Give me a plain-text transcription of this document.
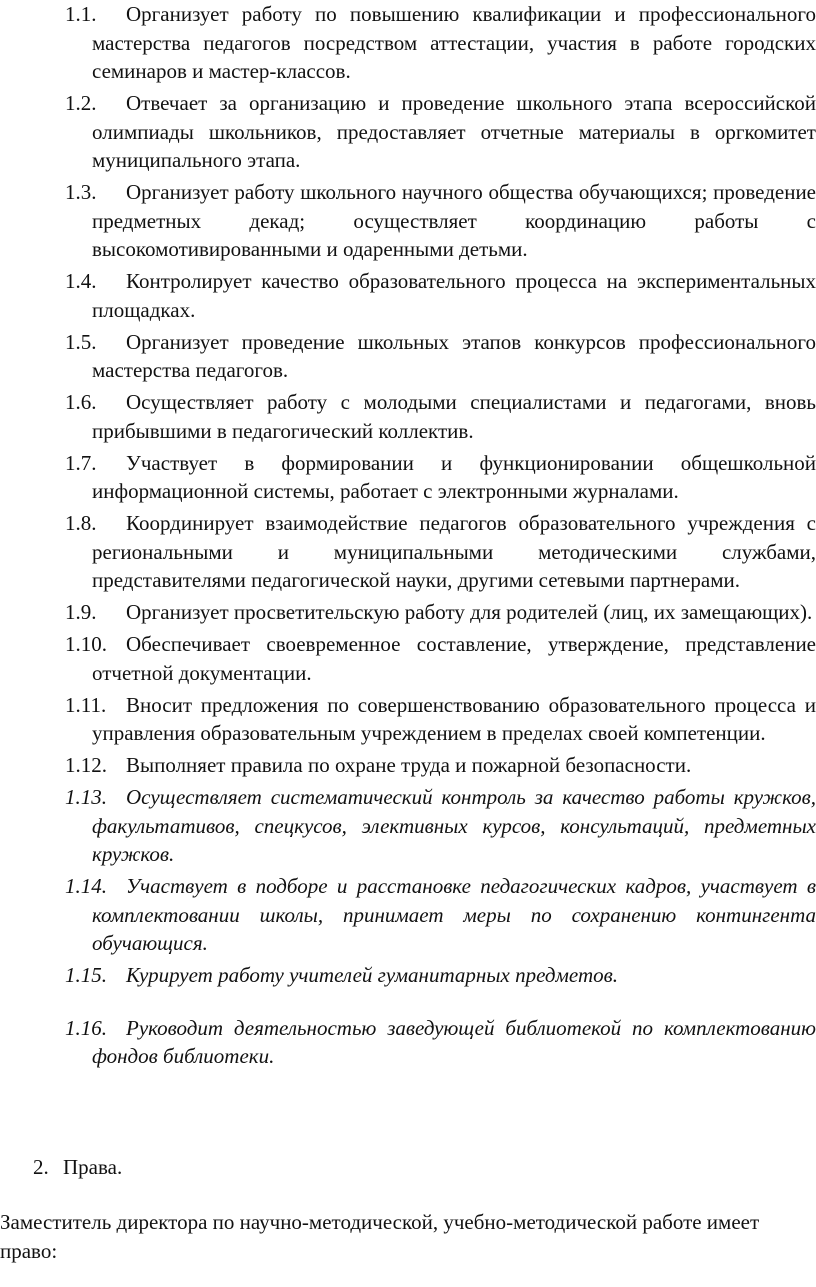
1.1.	Организует работу по повышению квалификации и профессионального мастерства педагогов посредством аттестации, участия в работе городских семинаров и мастер-классов.
1.2.	Отвечает за организацию и проведение школьного этапа всероссийской олимпиады школьников, предоставляет отчетные материалы в оргкомитет муниципального этапа.
1.3.	Организует работу школьного научного общества обучающихся; проведение предметных декад; осуществляет координацию работы с высокомотивированными и одаренными детьми.
1.4.	Контролирует качество образовательного процесса на экспериментальных площадках.
1.5.	Организует проведение школьных этапов конкурсов профессионального мастерства педагогов.
1.6.	Осуществляет работу с молодыми специалистами и педагогами, вновь прибывшими в педагогический коллектив.
1.7.	Участвует в формировании и функционировании общешкольной информационной системы, работает с электронными журналами.
1.8.	Координирует взаимодействие педагогов образовательного учреждения с региональными и муниципальными методическими службами, представителями педагогической науки, другими сетевыми партнерами.
1.9.	Организует просветительскую работу для родителей (лиц, их замещающих).
1.10. Обеспечивает своевременное составление, утверждение, представление отчетной документации.
1.11. Вносит предложения по совершенствованию образовательного процесса и управления образовательным учреждением в пределах своей компетенции.
1.12. Выполняет правила по охране труда и пожарной безопасности.
1.13. Осуществляет систематический контроль за качество работы кружков, факультативов, спецкусов, элективных курсов, консультаций, предметных кружков.
1.14. Участвует в подборе и расстановке педагогических кадров, участвует в комплектовании школы, принимает меры по сохранению контингента обучающися.
1.15. Курирует работу учителей гуманитарных предметов.
1.16. Руководит деятельностью заведующей библиотекой по комплектованию фондов библиотеки.
2. Права.
Заместитель директора по научно-методической, учебно-методической работе имеет право:
